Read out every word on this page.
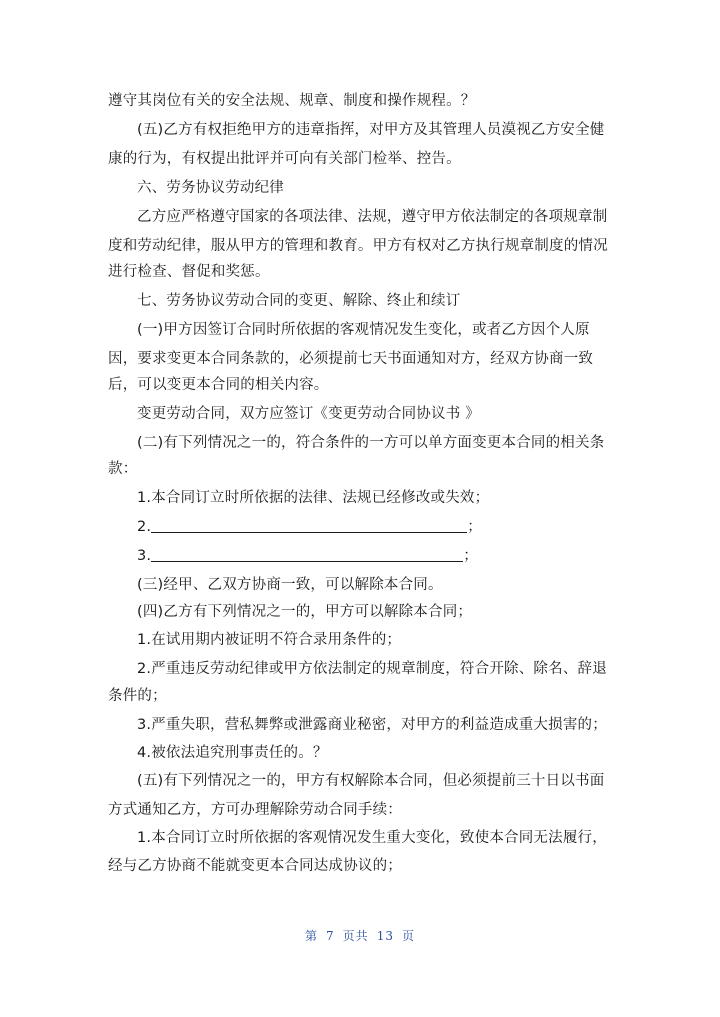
遵守其岗位有关的安全法规、规章、制度和操作规程。？
(五)乙方有权拒绝甲方的违章指挥，对甲方及其管理人员漠视乙方安全健
康的行为，有权提出批评并可向有关部门检举、控告。
六、劳务协议劳动纪律
乙方应严格遵守国家的各项法律、法规，遵守甲方依法制定的各项规章制
度和劳动纪律，服从甲方的管理和教育。甲方有权对乙方执行规章制度的情况
进行检查、督促和奖惩。
七、劳务协议劳动合同的变更、解除、终止和续订
(一)甲方因签订合同时所依据的客观情况发生变化，或者乙方因个人原
因，要求变更本合同条款的，必须提前七天书面通知对方，经双方协商一致
后，可以变更本合同的相关内容。
变更劳动合同，双方应签订《变更劳动合同协议书 》
(二)有下列情况之一的，符合条件的一方可以单方面变更本合同的相关条
款：
1.本合同订立时所依据的法律、法规已经修改或失效；
2.	；
3.	；
(三)经甲、乙双方协商一致，可以解除本合同。
(四)乙方有下列情况之一的，甲方可以解除本合同；
1.在试用期内被证明不符合录用条件的；
2.严重违反劳动纪律或甲方依法制定的规章制度，符合开除、除名、辞退
条件的；
3.严重失职，营私舞弊或泄露商业秘密，对甲方的利益造成重大损害的；
4.被依法追究刑事责任的。？
(五)有下列情况之一的，甲方有权解除本合同，但必须提前三十日以书面
方式通知乙方，方可办理解除劳动合同手续：
1.本合同订立时所依据的客观情况发生重大变化，致使本合同无法履行，
经与乙方协商不能就变更本合同达成协议的；
第 7 页共 13 页
